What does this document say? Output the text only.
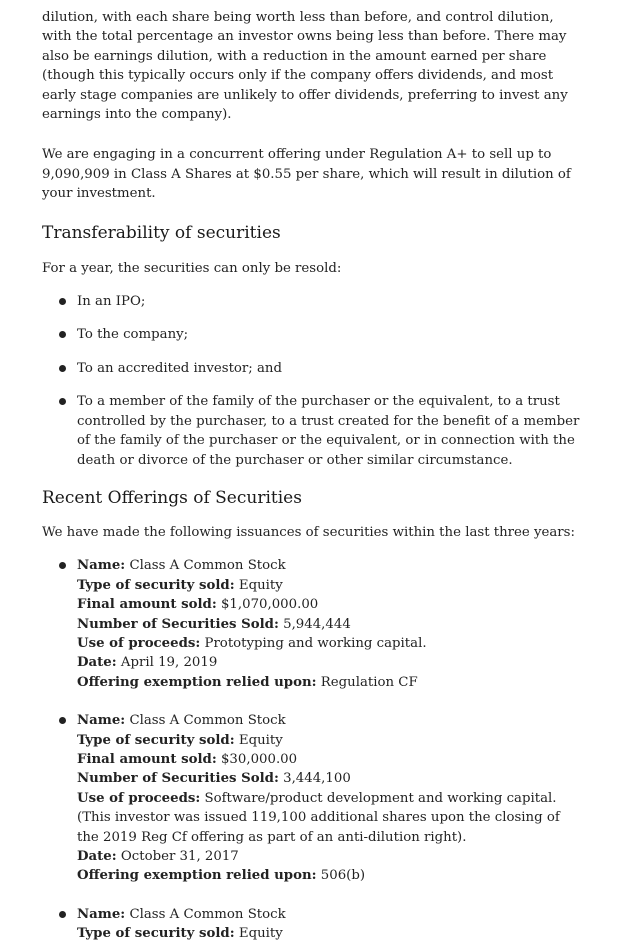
dilution, with each share being worth less than before, and control dilution, with the total percentage an investor owns being less than before. There may also be earnings dilution, with a reduction in the amount earned per share (though this typically occurs only if the company offers dividends, and most early stage companies are unlikely to offer dividends, preferring to invest any earnings into the company).

We are engaging in a concurrent offering under Regulation A+ to sell up to 9,090,909 in Class A Shares at $0.55 per share, which will result in dilution of your investment.

Transferability of securities

For a year, the securities can only be resold:

In an IPO;
To the company;
To an accredited investor; and
To a member of the family of the purchaser or the equivalent, to a trust controlled by the purchaser, to a trust created for the benefit of a member of the family of the purchaser or the equivalent, or in connection with the death or divorce of the purchaser or other similar circumstance.
Recent Offerings of Securities

We have made the following issuances of securities within the last three years:

Name: Class A Common Stock
Type of security sold: Equity
Final amount sold: $1,070,000.00
Number of Securities Sold: 5,944,444
Use of proceeds: Prototyping and working capital.
Date: April 19, 2019
Offering exemption relied upon: Regulation CF
Name: Class A Common Stock
Type of security sold: Equity
Final amount sold: $30,000.00
Number of Securities Sold: 3,444,100
Use of proceeds: Software/product development and working capital. (This investor was issued 119,100 additional shares upon the closing of the 2019 Reg Cf offering as part of an anti-dilution right).
Date: October 31, 2017
Offering exemption relied upon: 506(b)
Name: Class A Common Stock
Type of security sold: Equity
